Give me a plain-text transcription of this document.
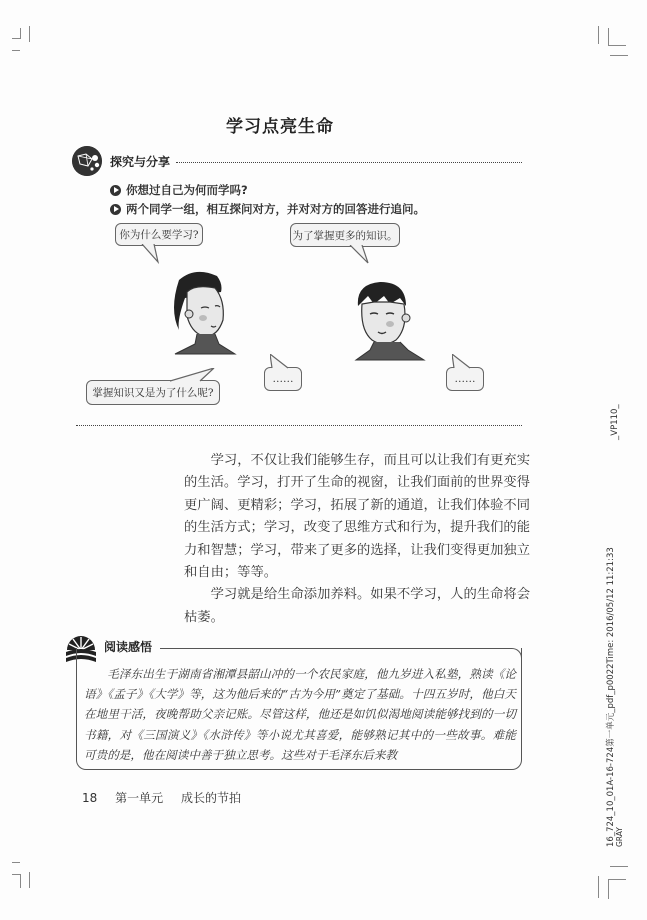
学习点亮生命
探究与分享
你想过自己为何而学吗?
两个同学一组，相互探问对方，并对对方的回答进行追问。
你为什么要学习?	为了掌握更多的知识。
掌握知识又是为了什么呢?
……	……

学习，不仅让我们能够生存，而且可以让我们有更充实的生活。学习，打开了生命的视窗，让我们面前的世界变得更广阔、更精彩；学习，拓展了新的通道，让我们体验不同的生活方式；学习，改变了思维方式和行为，提升我们的能力和智慧；学习，带来了更多的选择，让我们变得更加独立和自由；等等。

学习就是给生命添加养料。如果不学习，人的生命将会枯萎。

阅读感悟

毛泽东出生于湖南省湘潭县韶山冲的一个农民家庭，他九岁进入私塾，熟读《论语》《孟子》《大学》等，这为他后来的“古为今用”奠定了基础。十四五岁时，他白天在地里干活，夜晚帮助父亲记账。尽管这样，他还是如饥似渴地阅读能够找到的一切书籍，对《三国演义》《水浒传》等小说尤其喜爱，能够熟记其中的一些故事。难能可贵的是，他在阅读中善于独立思考。这些对于毛泽东后来教

18 第一单元 成长的节拍
_VP110_
16_724_10_01A-16-724第一单元_pdf_p0022Time: 2016/05/12 11:21:33 GRAY
